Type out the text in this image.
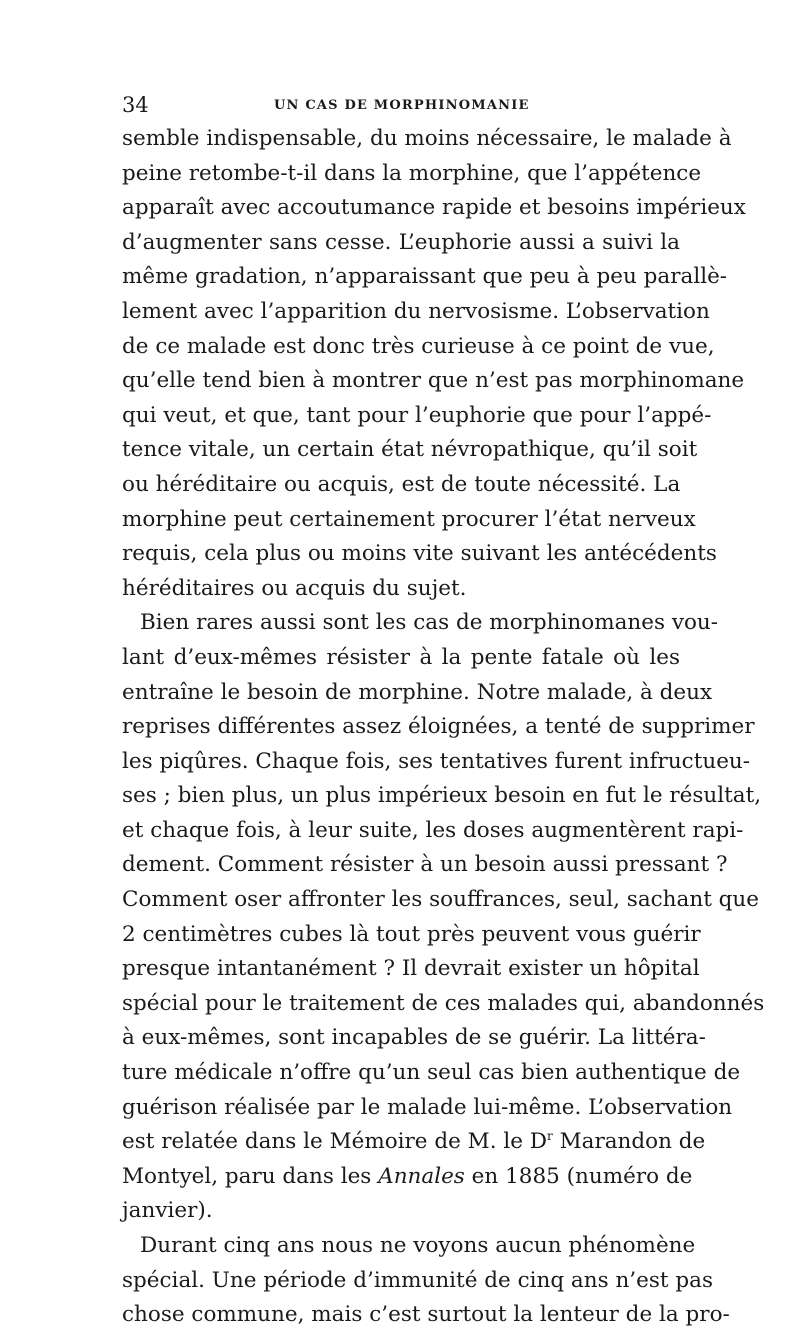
34	UN CAS DE MORPHINOMANIE
semble indispensable, du moins nécessaire, le malade à
peine retombe-t-il dans la morphine, que l’appétence
apparaît avec accoutumance rapide et besoins impérieux
d’augmenter sans cesse. L’euphorie aussi a suivi la
même gradation, n’apparaissant que peu à peu parallè-
lement avec l’apparition du nervosisme. L’observation
de ce malade est donc très curieuse à ce point de vue,
qu’elle tend bien à montrer que n’est pas morphinomane
qui veut, et que, tant pour l’euphorie que pour l’appé-
tence vitale, un certain état névropathique, qu’il soit
ou héréditaire ou acquis, est de toute nécessité. La
morphine peut certainement procurer l’état nerveux
requis, cela plus ou moins vite suivant les antécédents
héréditaires ou acquis du sujet.
Bien rares aussi sont les cas de morphinomanes vou-
lant d’eux-mêmes résister à la pente fatale où les
entraîne le besoin de morphine. Notre malade, à deux
reprises différentes assez éloignées, a tenté de supprimer
les piqûres. Chaque fois, ses tentatives furent infructueu-
ses ; bien plus, un plus impérieux besoin en fut le résultat,
et chaque fois, à leur suite, les doses augmentèrent rapi-
dement. Comment résister à un besoin aussi pressant ?
Comment oser affronter les souffrances, seul, sachant que
2 centimètres cubes là tout près peuvent vous guérir
presque intantanément ? Il devrait exister un hôpital
spécial pour le traitement de ces malades qui, abandonnés
à eux-mêmes, sont incapables de se guérir. La littéra-
ture médicale n’offre qu’un seul cas bien authentique de
guérison réalisée par le malade lui-même. L’observation
est relatée dans le Mémoire de M. le $D^r$ Marandon de
Montyel, paru dans les Annales en 1885 (numéro de
janvier).
Durant cinq ans nous ne voyons aucun phénomène
spécial. Une période d’immunité de cinq ans n’est pas
chose commune, mais c’est surtout la lenteur de la pro-
